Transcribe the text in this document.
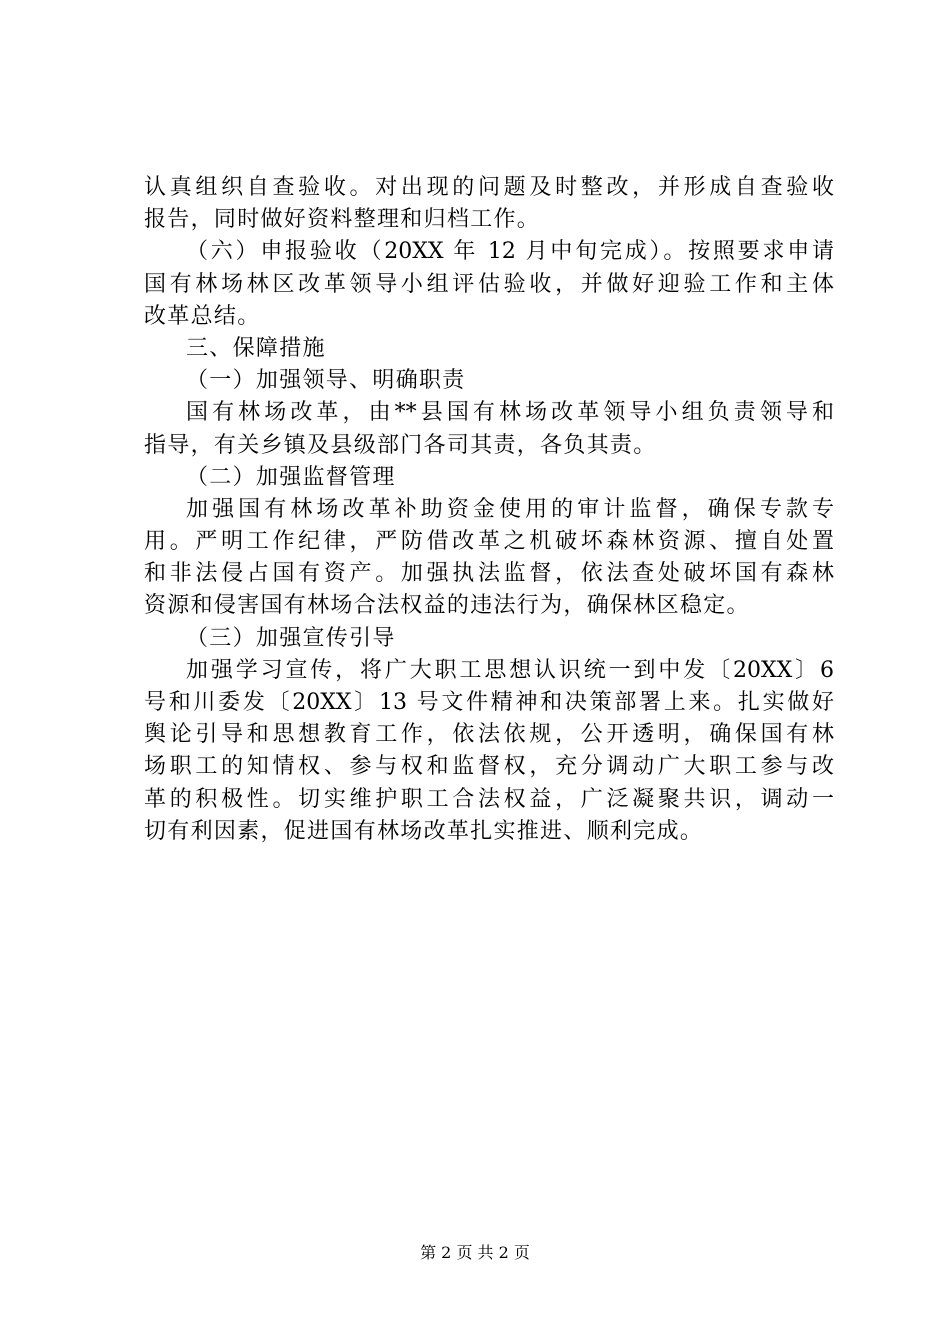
认真组织自查验收。对出现的问题及时整改，并形成自查验收
报告，同时做好资料整理和归档工作。
（六）申报验收（20XX 年 12 月中旬完成）。按照要求申请
国有林场林区改革领导小组评估验收，并做好迎验工作和主体
改革总结。
三、保障措施
（一）加强领导、明确职责
国有林场改革，由**县国有林场改革领导小组负责领导和
指导，有关乡镇及县级部门各司其责，各负其责。
（二）加强监督管理
加强国有林场改革补助资金使用的审计监督，确保专款专
用。严明工作纪律，严防借改革之机破坏森林资源、擅自处置
和非法侵占国有资产。加强执法监督，依法查处破坏国有森林
资源和侵害国有林场合法权益的违法行为，确保林区稳定。
（三）加强宣传引导
加强学习宣传，将广大职工思想认识统一到中发〔20XX〕6
号和川委发〔20XX〕13 号文件精神和决策部署上来。扎实做好
舆论引导和思想教育工作，依法依规，公开透明，确保国有林
场职工的知情权、参与权和监督权，充分调动广大职工参与改
革的积极性。切实维护职工合法权益，广泛凝聚共识，调动一
切有利因素，促进国有林场改革扎实推进、顺利完成。
第 2 页 共 2 页
